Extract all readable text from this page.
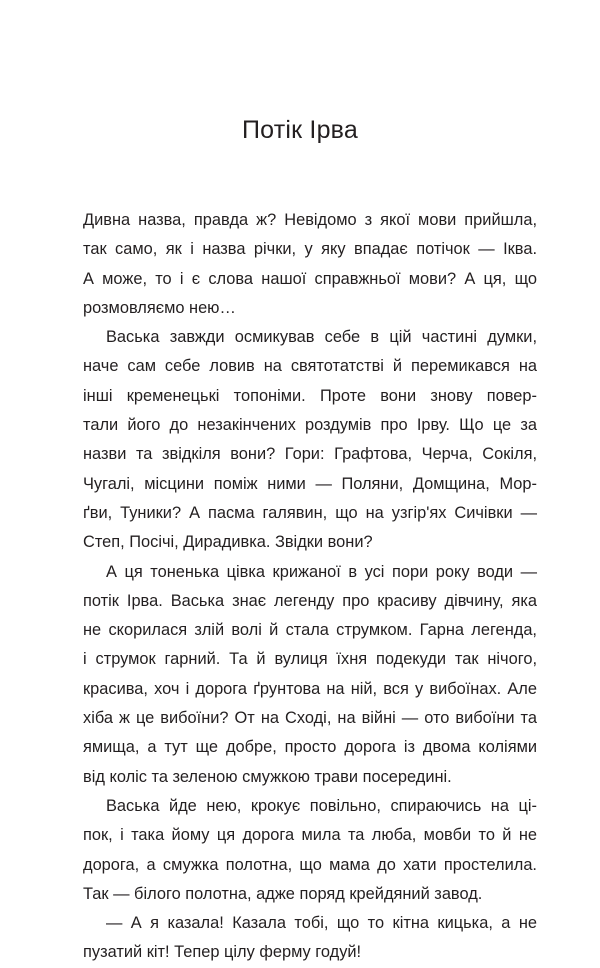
Потік Ірва
Дивна назва, правда ж? Невідомо з якої мови прийшла,
так само, як і назва річки, у яку впадає потічок — Іква.
А може, то і є слова нашої справжньої мови? А ця, що
розмовляємо нею…
Васька завжди осмикував себе в цій частині думки,
наче сам себе ловив на святотатстві й перемикався на
інші кременецькі топоніми. Проте вони знову повер-
тали його до незакінчених роздумів про Ірву. Що це за
назви та звідкіля вони? Гори: Графтова, Черча, Сокіля,
Чугалі, місцини поміж ними — Поляни, Домщина, Мор-
ґви, Туники? А пасма галявин, що на узгір'ях Сичівки —
Степ, Посічі, Дирадивка. Звідки вони?
А ця тоненька цівка крижаної в усі пори року води —
потік Ірва. Васька знає легенду про красиву дівчину, яка
не скорилася злій волі й стала струмком. Гарна легенда,
і струмок гарний. Та й вулиця їхня подекуди так нічого,
красива, хоч і дорога ґрунтова на ній, вся у вибоїнах. Але
хіба ж це вибоїни? От на Сході, на війні — ото вибоїни та
ямища, а тут ще добре, просто дорога із двома коліями
від коліс та зеленою смужкою трави посередині.
Васька йде нею, крокує повільно, спираючись на ці-
пок, і така йому ця дорога мила та люба, мовби то й не
дорога, а смужка полотна, що мама до хати простелила.
Так — білого полотна, адже поряд крейдяний завод.
— А я казала! Казала тобі, що то кітна кицька, а не
пузатий кіт! Тепер цілу ферму годуй!
